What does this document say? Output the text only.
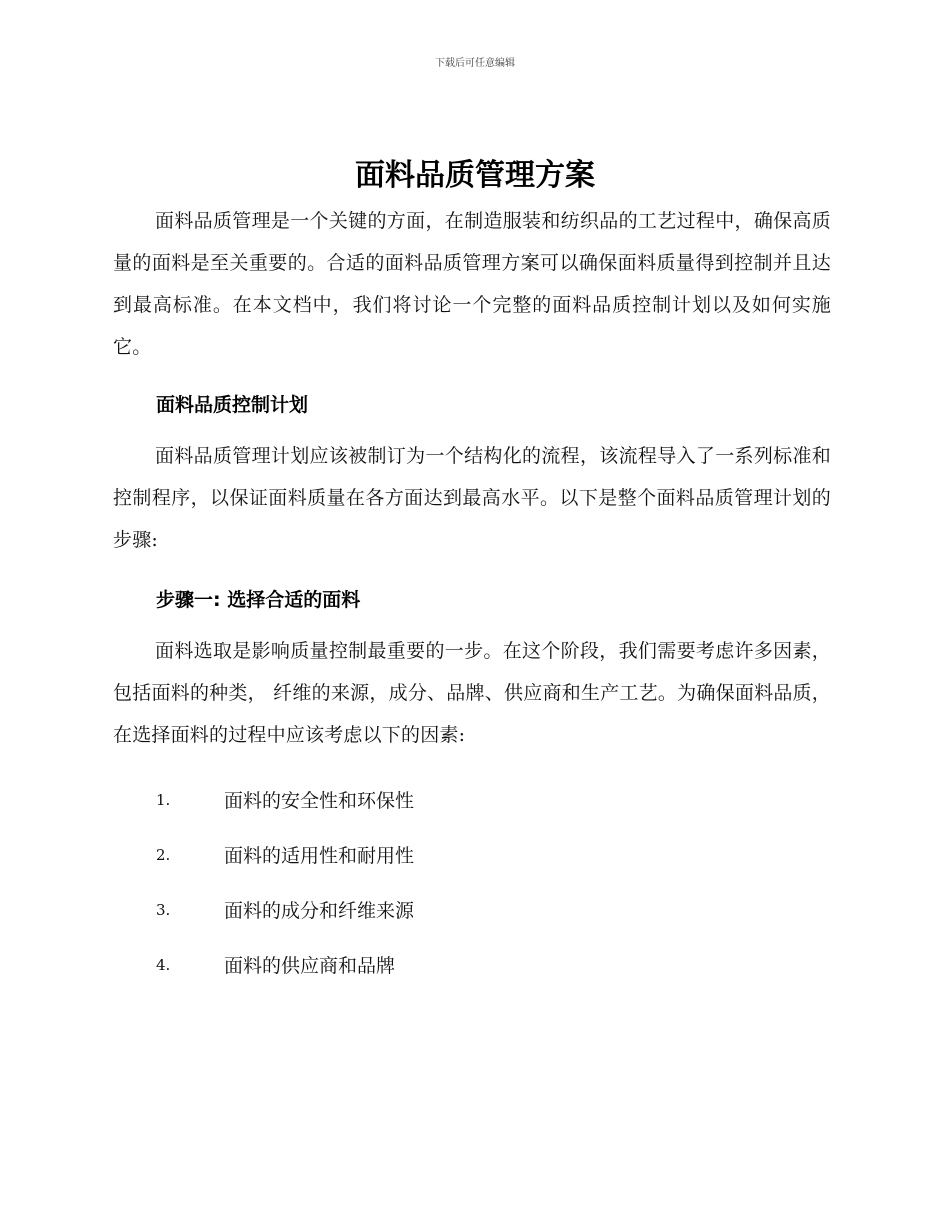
下载后可任意编辑
面料品质管理方案

面料品质管理是一个关键的方面，在制造服装和纺织品的工艺过程中，确保高质量的面料是至关重要的。合适的面料品质管理方案可以确保面料质量得到控制并且达到最高标准。在本文档中，我们将讨论一个完整的面料品质控制计划以及如何实施它。

面料品质控制计划

面料品质管理计划应该被制订为一个结构化的流程，该流程导入了一系列标准和控制程序，以保证面料质量在各方面达到最高水平。以下是整个面料品质管理计划的步骤:

步骤一: 选择合适的面料

面料选取是影响质量控制最重要的一步。在这个阶段，我们需要考虑许多因素，包括面料的种类， 纤维的来源，成分、品牌、供应商和生产工艺。为确保面料品质，在选择面料的过程中应该考虑以下的因素:

1.	面料的安全性和环保性
2.	面料的适用性和耐用性
3.	面料的成分和纤维来源
4.	面料的供应商和品牌
